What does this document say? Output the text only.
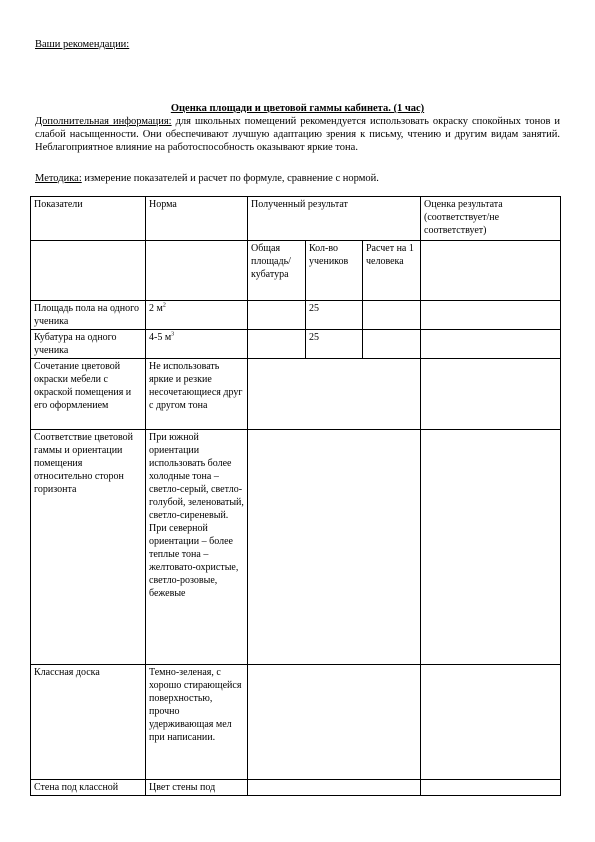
Ваши рекомендации:
Оценка площади и цветовой гаммы кабинета. (1 час)
Дополнительная информация: для школьных помещений рекомендуется использовать окраску спокойных тонов и слабой насыщенности. Они обеспечивают лучшую адаптацию зрения к письму, чтению и другим видам занятий. Неблагоприятное влияние на работоспособность оказывают яркие тона.
Методика: измерение показателей и расчет по формуле, сравнение с нормой.
Показатели	Норма	Полученный результат			Оценка результата (соответствует/не соответствует)
		Общая площадь/ кубатура	Кол-во учеников	Расчет на 1 человека	
Площадь пола на одного ученика	2 $м^2$		25		
Кубатура на одного ученика	4-5 $м^3$		25		
Сочетание цветовой окраски мебели с окраской помещения и его оформлением	Не использовать яркие и резкие несочетающиеся друг с другом тона				
Соответствие цветовой гаммы и ориентации помещения относительно сторон горизонта	При южной ориентации использовать более холодные тона – светло-серый, светло-голубой, зеленоватый, светло-сиреневый.
При северной ориентации – более теплые тона – желтовато-охристые, светло-розовые, бежевые				

Классная доска	Темно-зеленая, с хорошо стирающейся поверхностью, прочно удерживающая мел при написании.				
Стена под классной	Цвет стены под				
